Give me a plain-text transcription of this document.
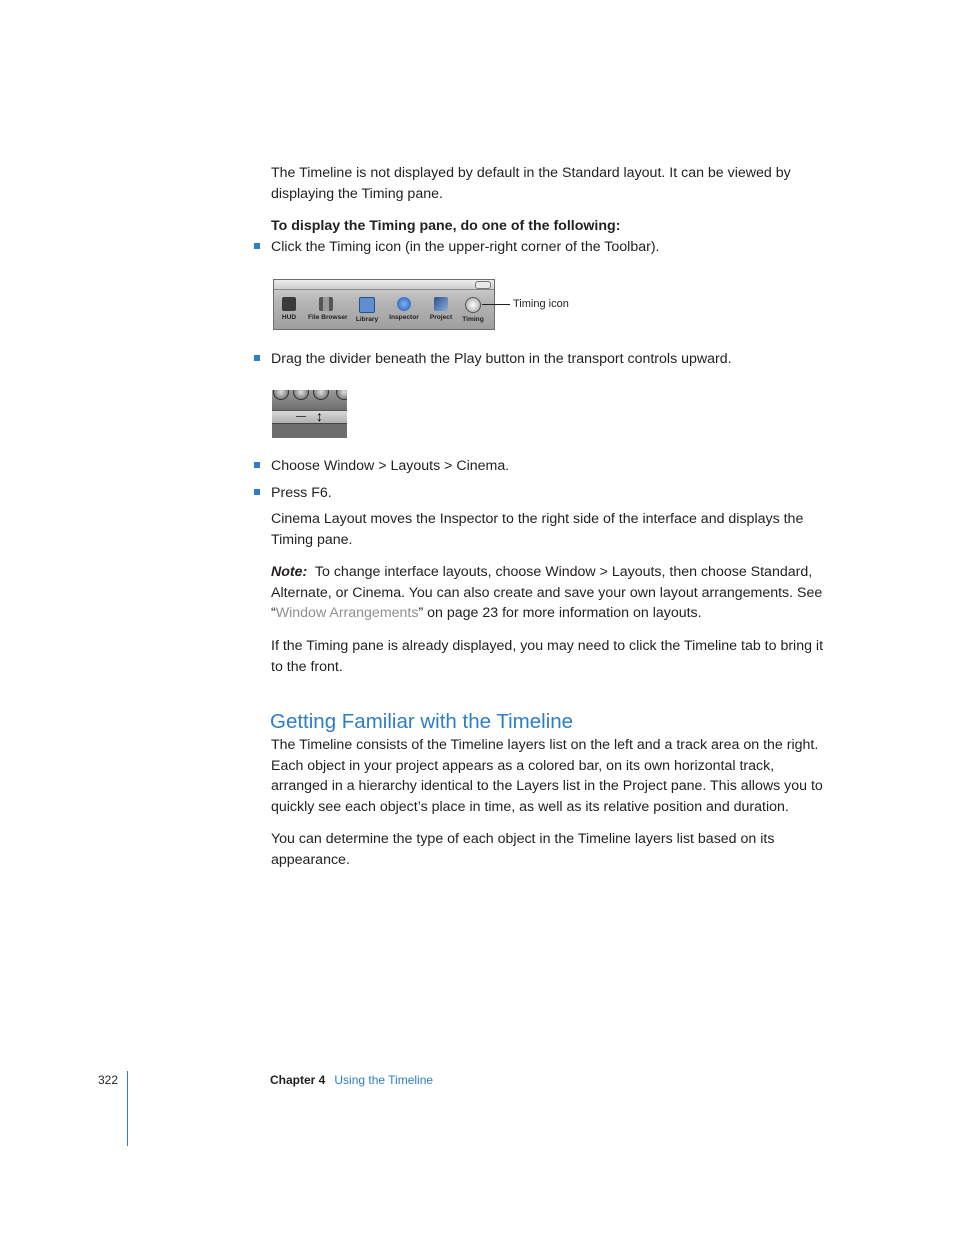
The Timeline is not displayed by default in the Standard layout. It can be viewed by displaying the Timing pane.

To display the Timing pane, do one of the following:

Click the Timing icon (in the upper-right corner of the Toolbar).

HUD	File Browser	Library	Inspector	Project	Timing
Timing icon

Drag the divider beneath the Play button in the transport controls upward.

↕

Choose Window > Layouts > Cinema.

Press F6.

Cinema Layout moves the Inspector to the right side of the interface and displays the Timing pane.

Note: To change interface layouts, choose Window > Layouts, then choose Standard, Alternate, or Cinema. You can also create and save your own layout arrangements. See “Window Arrangements” on page 23 for more information on layouts.

If the Timing pane is already displayed, you may need to click the Timeline tab to bring it to the front.

Getting Familiar with the Timeline

The Timeline consists of the Timeline layers list on the left and a track area on the right. Each object in your project appears as a colored bar, on its own horizontal track, arranged in a hierarchy identical to the Layers list in the Project pane. This allows you to quickly see each object’s place in time, as well as its relative position and duration.

You can determine the type of each object in the Timeline layers list based on its appearance.

322	Chapter 4 Using the Timeline
